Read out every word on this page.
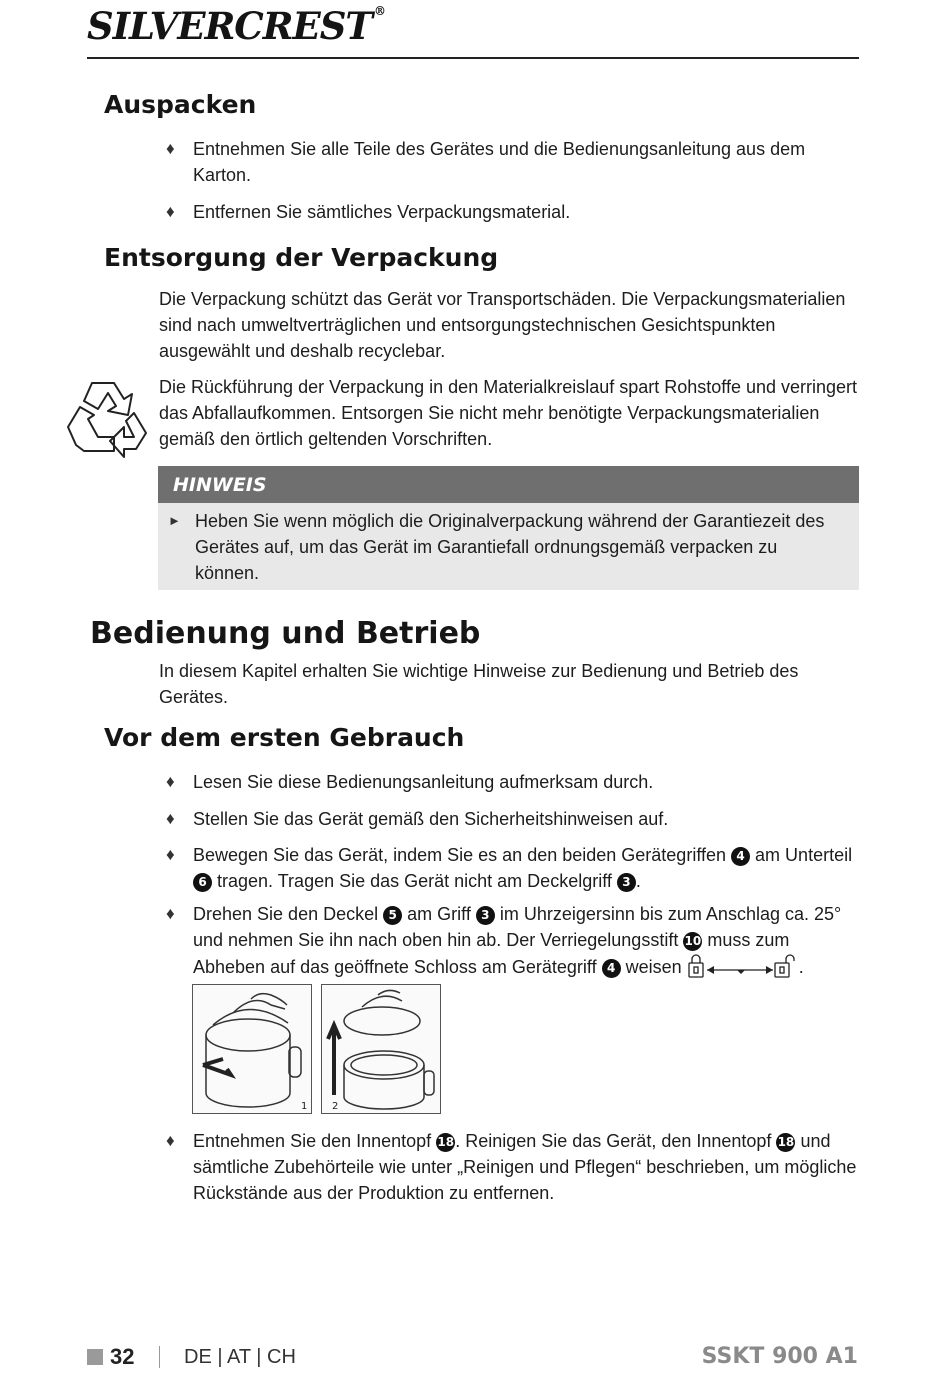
SILVERCREST ®
Auspacken
♦ Entnehmen Sie alle Teile des Gerätes und die Bedienungsanleitung aus dem Karton.
♦ Entfernen Sie sämtliches Verpackungsmaterial.
Entsorgung der Verpackung
Die Verpackung schützt das Gerät vor Transportschäden. Die Verpackungsmaterialien sind nach umweltverträglichen und entsorgungstechnischen Gesichtspunkten ausgewählt und deshalb recyclebar.
Die Rückführung der Verpackung in den Materialkreislauf spart Rohstoffe und verringert das Abfallaufkommen. Entsorgen Sie nicht mehr benötigte Verpackungsmaterialien gemäß den örtlich geltenden Vorschriften.
HINWEIS
► Heben Sie wenn möglich die Originalverpackung während der Garantiezeit des Gerätes auf, um das Gerät im Garantiefall ordnungsgemäß verpacken zu können.
Bedienung und Betrieb
In diesem Kapitel erhalten Sie wichtige Hinweise zur Bedienung und Betrieb des Gerätes.
Vor dem ersten Gebrauch
♦ Lesen Sie diese Bedienungsanleitung aufmerksam durch.
♦ Stellen Sie das Gerät gemäß den Sicherheitshinweisen auf.
♦ Bewegen Sie das Gerät, indem Sie es an den beiden Gerätegriffen 4 am Unterteil 6 tragen. Tragen Sie das Gerät nicht am Deckelgriff 3 .
♦ Drehen Sie den Deckel 5 am Griff 3 im Uhrzeigersinn bis zum Anschlag ca. 25° und nehmen Sie ihn nach oben hin ab. Der Verriegelungsstift 10 muss zum Abheben auf das geöffnete Schloss am Gerätegriff 4 weisen	.
1 2
♦ Entnehmen Sie den Innentopf 18. Reinigen Sie das Gerät, den Innentopf 18 und sämtliche Zubehörteile wie unter „Reinigen und Pflegen“ beschrieben, um mögliche Rückstände aus der Produktion zu entfernen.
32 DE | AT | CH	SSKT 900 A1
